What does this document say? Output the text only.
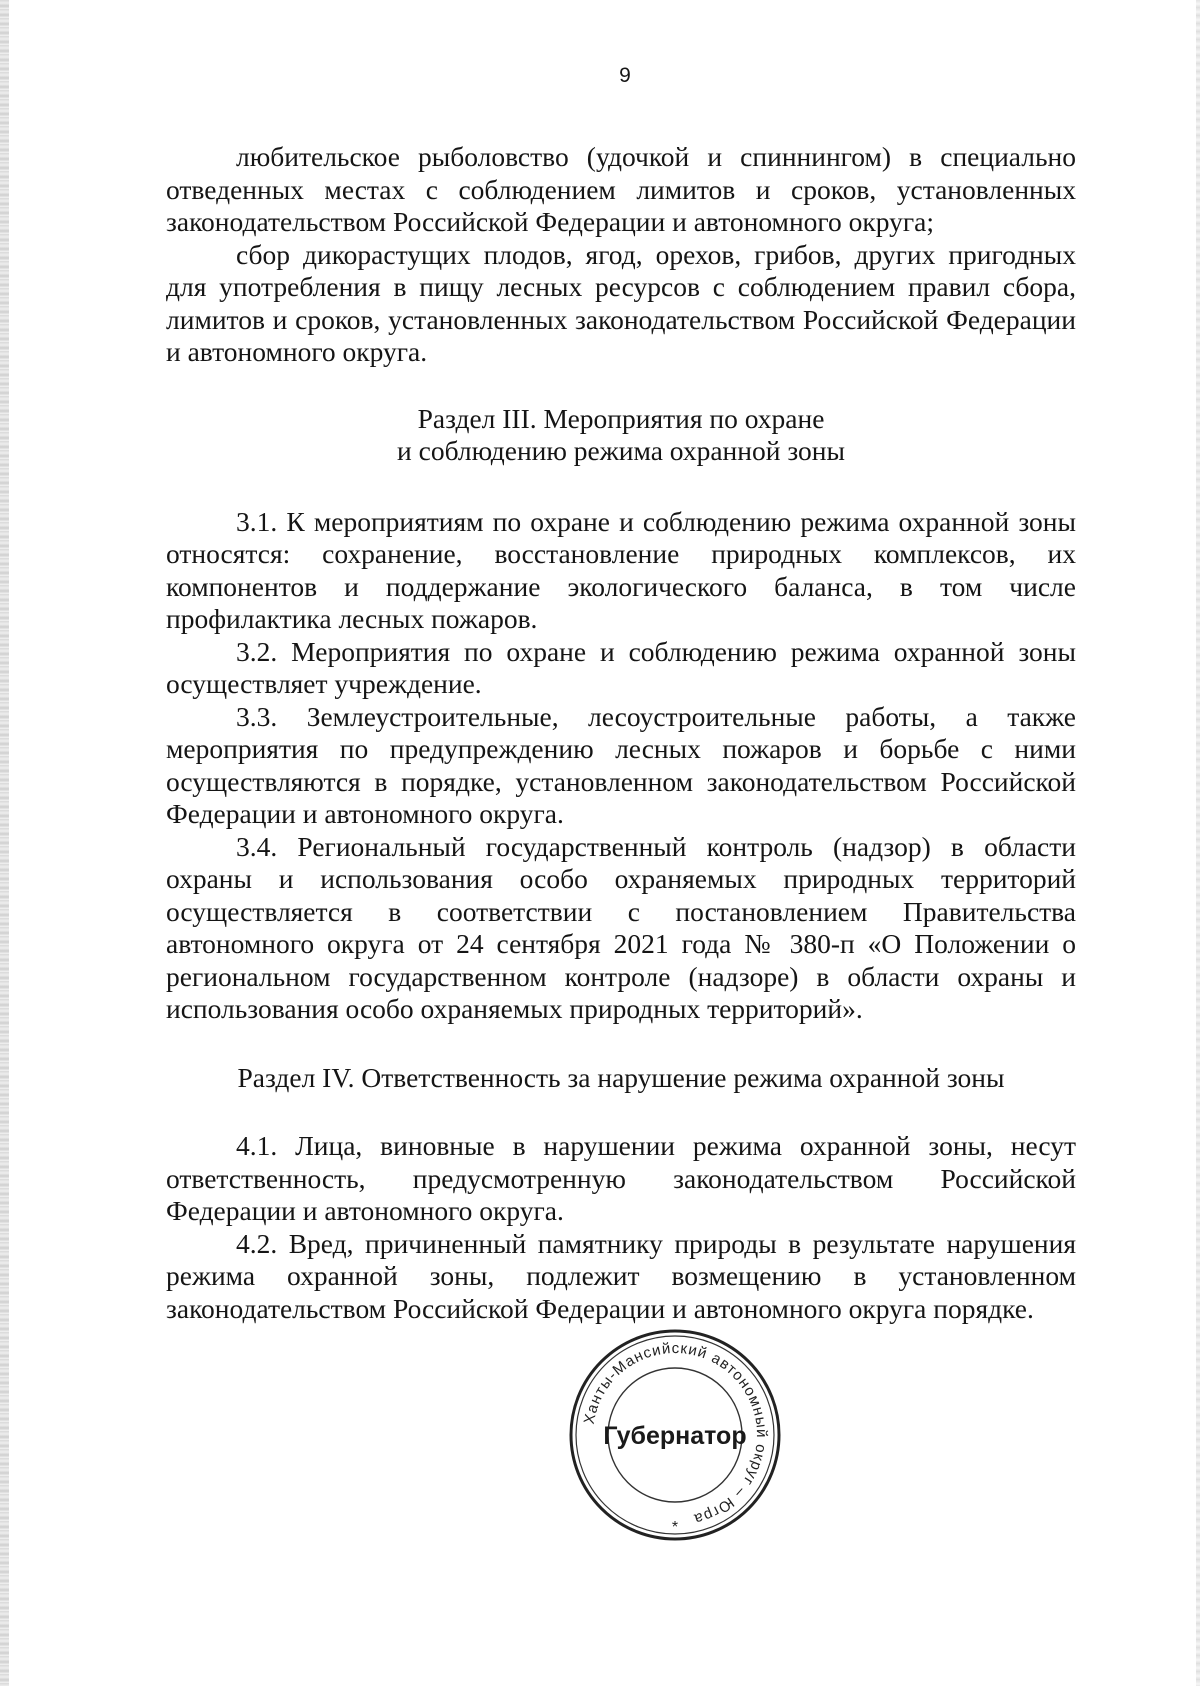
9

любительское рыболовство (удочкой и спиннингом) в специально отведенных местах с соблюдением лимитов и сроков, установленных законодательством Российской Федерации и автономного округа;

сбор дикорастущих плодов, ягод, орехов, грибов, других пригодных для употребления в пищу лесных ресурсов с соблюдением правил сбора, лимитов и сроков, установленных законодательством Российской Федерации и автономного округа.

Раздел III. Мероприятия по охране

и соблюдению режима охранной зоны

3.1. К мероприятиям по охране и соблюдению режима охранной зоны относятся: сохранение, восстановление природных комплексов, их компонентов и поддержание экологического баланса, в том числе профилактика лесных пожаров.

3.2. Мероприятия по охране и соблюдению режима охранной зоны осуществляет учреждение.

3.3. Землеустроительные, лесоустроительные работы, а также мероприятия по предупреждению лесных пожаров и борьбе с ними осуществляются в порядке, установленном законодательством Российской Федерации и автономного округа.

3.4. Региональный государственный контроль (надзор) в области охраны и использования особо охраняемых природных территорий осуществляется в соответствии с постановлением Правительства автономного округа от 24 сентября 2021 года № 380-п «О Положении о региональном государственном контроле (надзоре) в области охраны и использования особо охраняемых природных территорий».

Раздел IV. Ответственность за нарушение режима охранной зоны

4.1. Лица, виновные в нарушении режима охранной зоны, несут ответственность, предусмотренную законодательством Российской Федерации и автономного округа.

4.2. Вред, причиненный памятнику природы в результате нарушения режима охранной зоны, подлежит возмещению в установленном законодательством Российской Федерации и автономного округа порядке.

Ханты-Мансийский автономный округ – Югра
Губернатор
*
